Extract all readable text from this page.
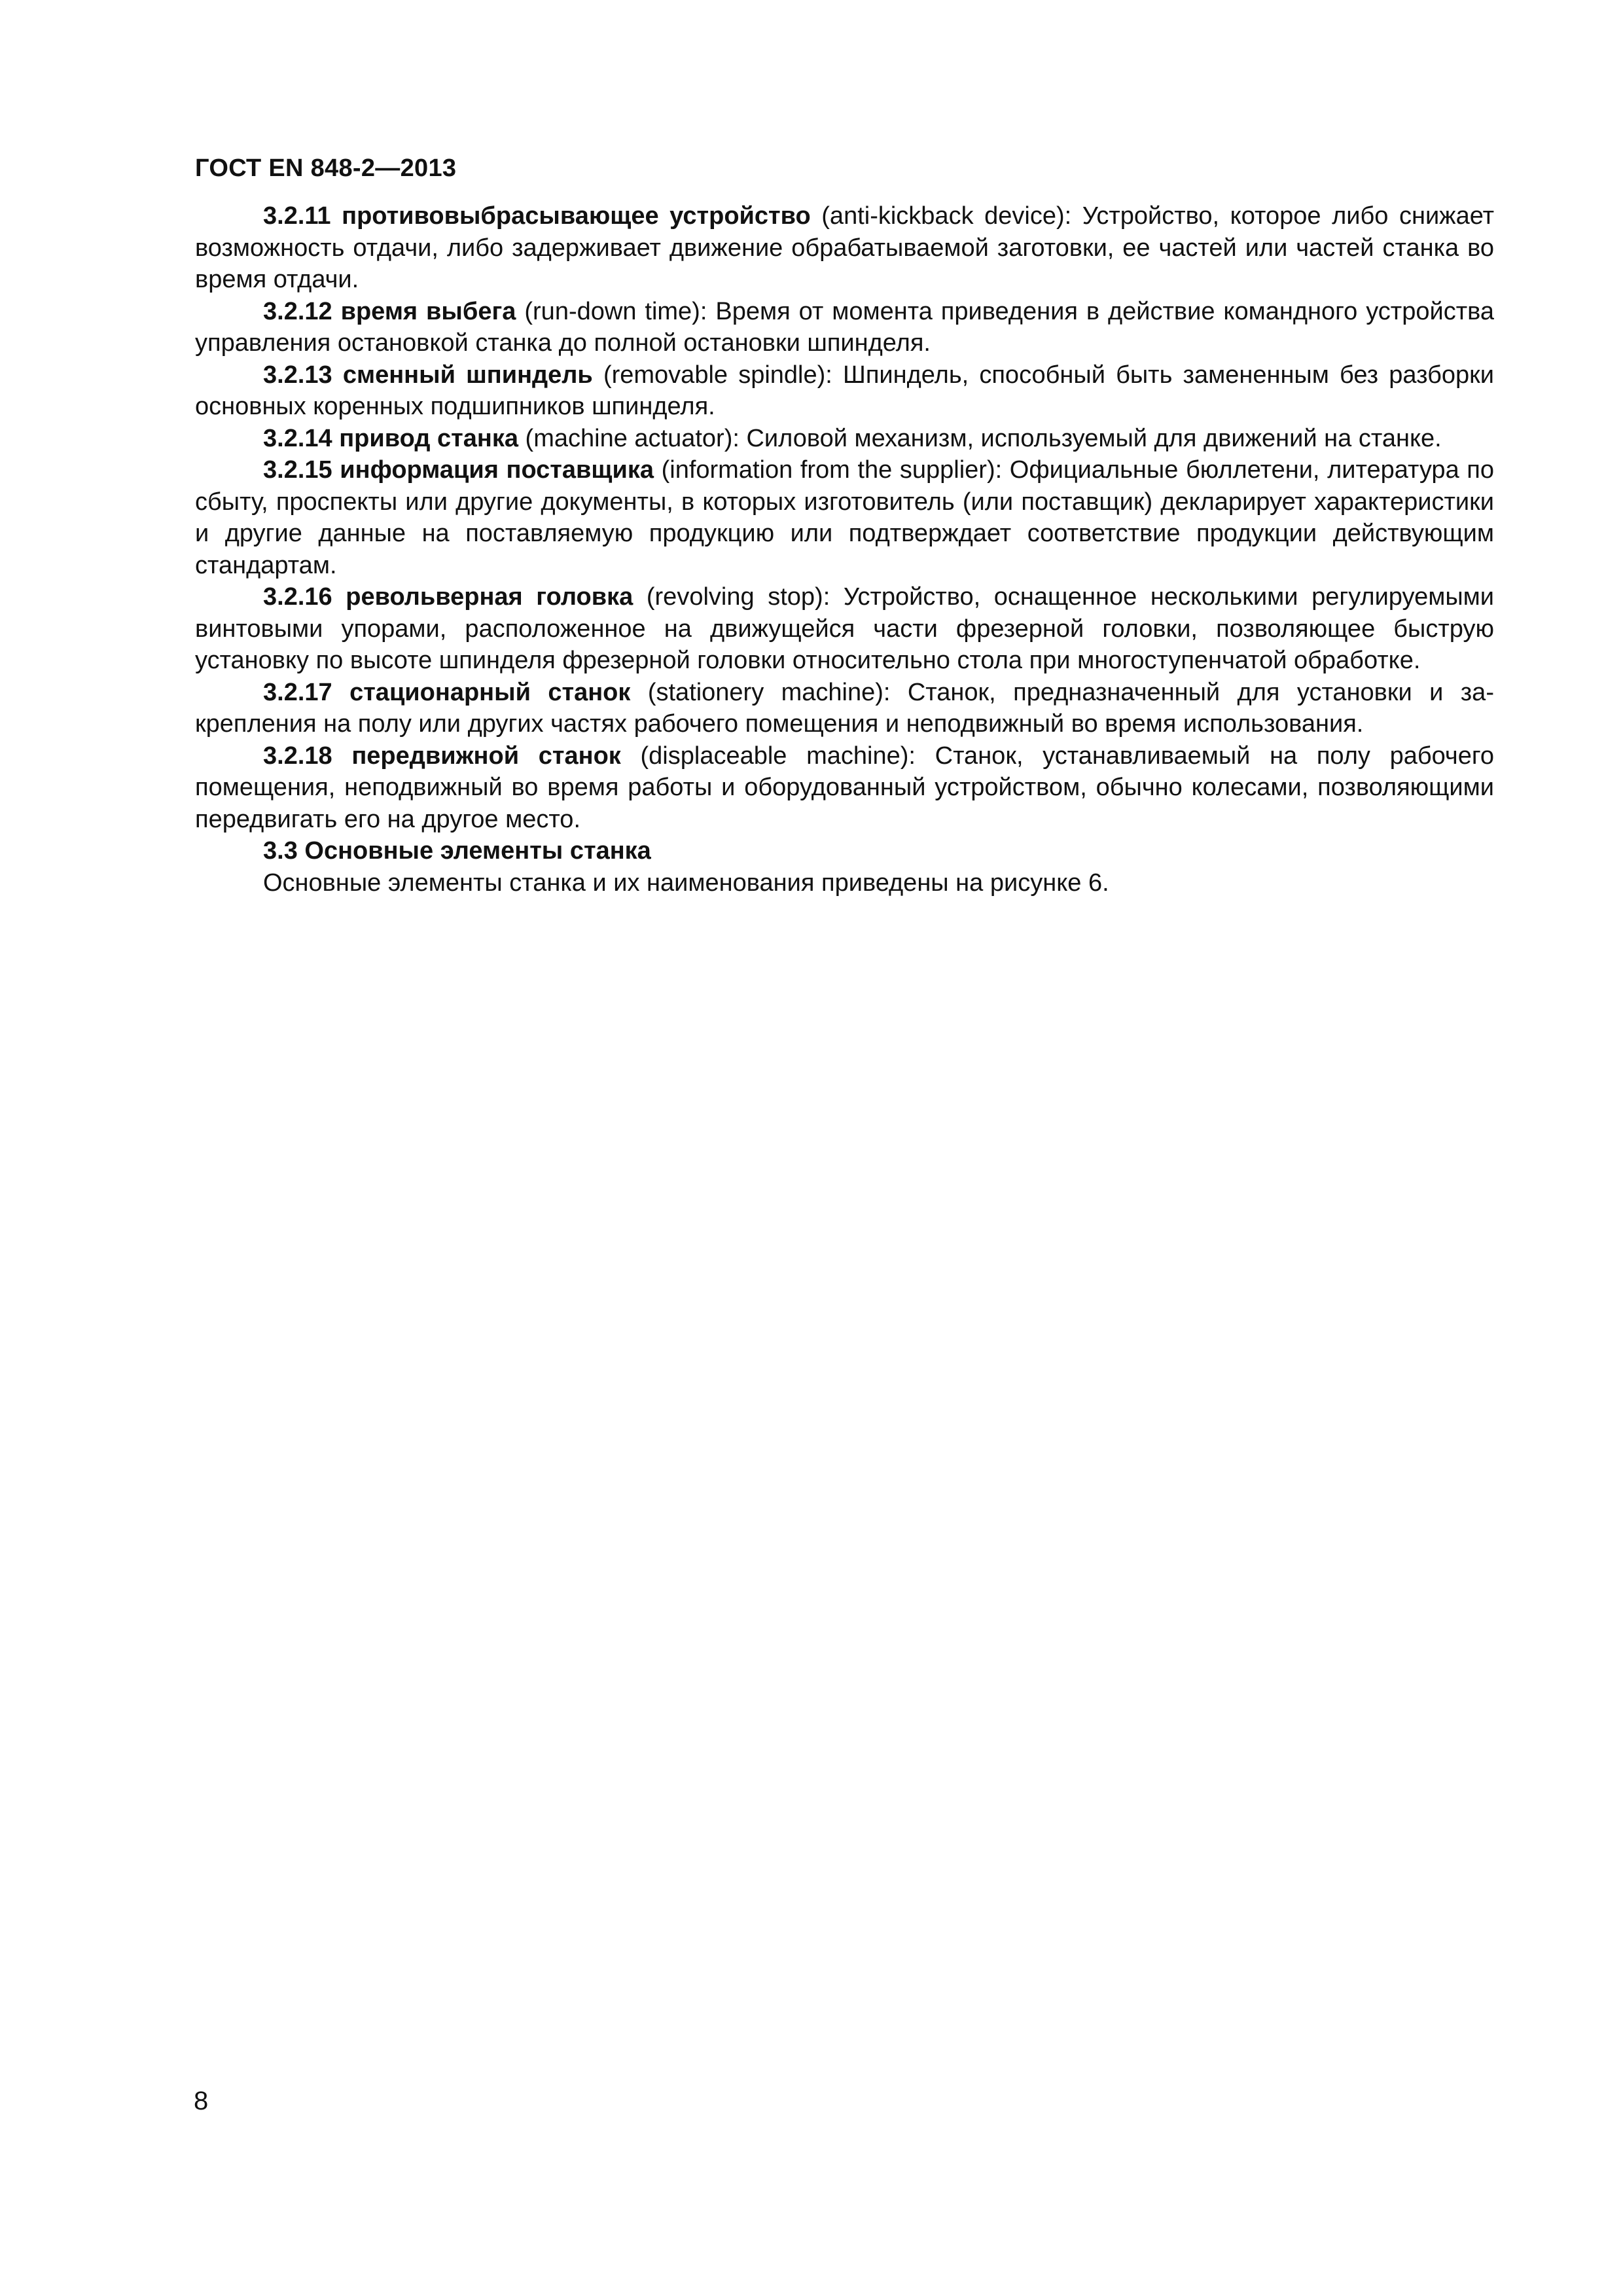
ГОСТ EN 848-2—2013

3.2.11 противовыбрасывающее устройство (anti-kickback device): Устройство, которое либо снижает возможность отдачи, либо задерживает движение обрабатываемой заготовки, ее частей или частей станка во время отдачи.

3.2.12 время выбега (run-down time): Время от момента приведения в действие командного устройства управления остановкой станка до полной остановки шпинделя.

3.2.13 сменный шпиндель (removable spindle): Шпиндель, способный быть замененным без разборки основных коренных подшипников шпинделя.

3.2.14 привод станка (machine actuator): Силовой механизм, используемый для движений на станке.

3.2.15 информация поставщика (information from the supplier): Официальные бюллетени, литература по сбыту, проспекты или другие документы, в которых изготовитель (или поставщик) декларирует характеристики и другие данные на поставляемую продукцию или подтверждает соответствие продукции действующим стандартам.

3.2.16 револьверная головка (revolving stop): Устройство, оснащенное несколькими регулируемыми винтовыми упорами, расположенное на движущейся части фрезерной головки, позволяющее быструю установку по высоте шпинделя фрезерной головки относительно стола при многоступенчатой обработке.

3.2.17 стационарный станок (stationery machine): Станок, предназначенный для установки и закрепления на полу или других частях рабочего помещения и неподвижный во время использования.

3.2.18 передвижной станок (displaceable machine): Станок, устанавливаемый на полу рабочего помещения, неподвижный во время работы и оборудованный устройством, обычно колесами, позволяющими передвигать его на другое место.

3.3 Основные элементы станка

Основные элементы станка и их наименования приведены на рисунке 6.

8
